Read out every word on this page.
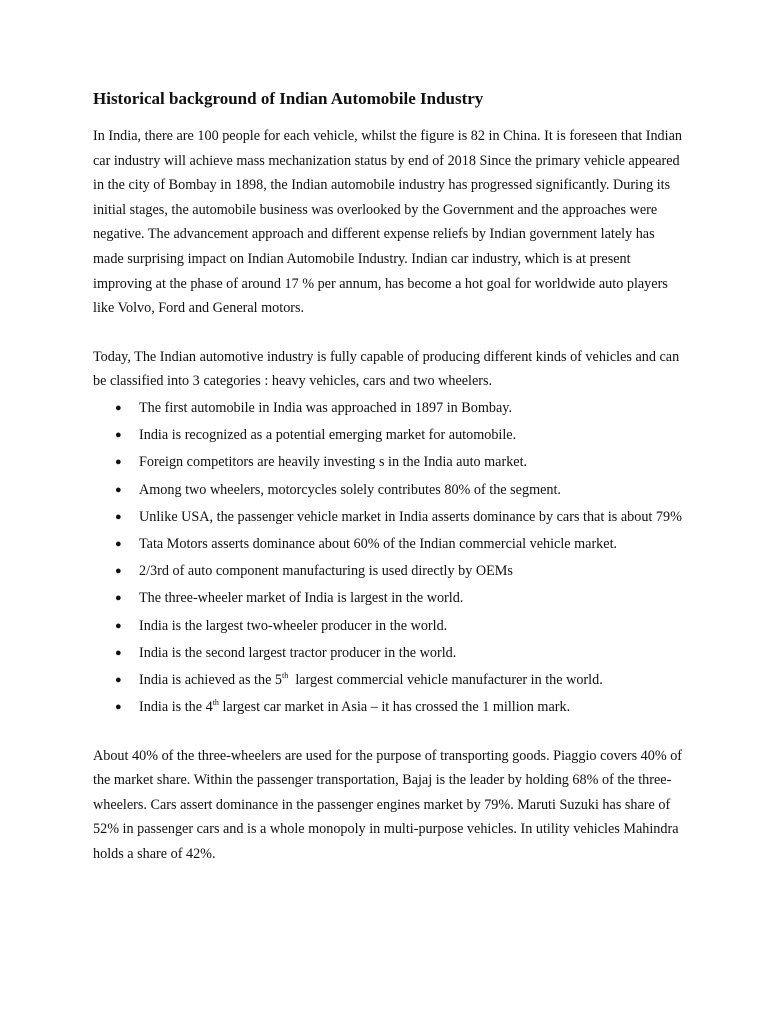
Historical background of Indian Automobile Industry

In India, there are 100 people for each vehicle, whilst the figure is 82 in China. It is foreseen that Indian car industry will achieve mass mechanization status by end of 2018 Since the primary vehicle appeared in the city of Bombay in 1898, the Indian automobile industry has progressed significantly. During its initial stages, the automobile business was overlooked by the Government and the approaches were negative. The advancement approach and different expense reliefs by Indian government lately has made surprising impact on Indian Automobile Industry. Indian car industry, which is at present improving at the phase of around 17 % per annum, has become a hot goal for worldwide auto players like Volvo, Ford and General motors.

Today, The Indian automotive industry is fully capable of producing different kinds of vehicles and can be classified into 3 categories : heavy vehicles, cars and two wheelers.

● The first automobile in India was approached in 1897 in Bombay.
● India is recognized as a potential emerging market for automobile.
● Foreign competitors are heavily investing s in the India auto market.
● Among two wheelers, motorcycles solely contributes 80% of the segment.
● Unlike USA, the passenger vehicle market in India asserts dominance by cars that is about 79%
● Tata Motors asserts dominance about 60% of the Indian commercial vehicle market.
● 2/3rd of auto component manufacturing is used directly by OEMs
● The three-wheeler market of India is largest in the world.
● India is the largest two-wheeler producer in the world.
● India is the second largest tractor producer in the world.
● India is achieved as the 5th  largest commercial vehicle manufacturer in the world.
● India is the 4th largest car market in Asia – it has crossed the 1 million mark.

About 40% of the three-wheelers are used for the purpose of transporting goods. Piaggio covers 40% of the market share. Within the passenger transportation, Bajaj is the leader by holding 68% of the three-wheelers. Cars assert dominance in the passenger engines market by 79%. Maruti Suzuki has share of 52% in passenger cars and is a whole monopoly in multi-purpose vehicles. In utility vehicles Mahindra holds a share of 42%.
